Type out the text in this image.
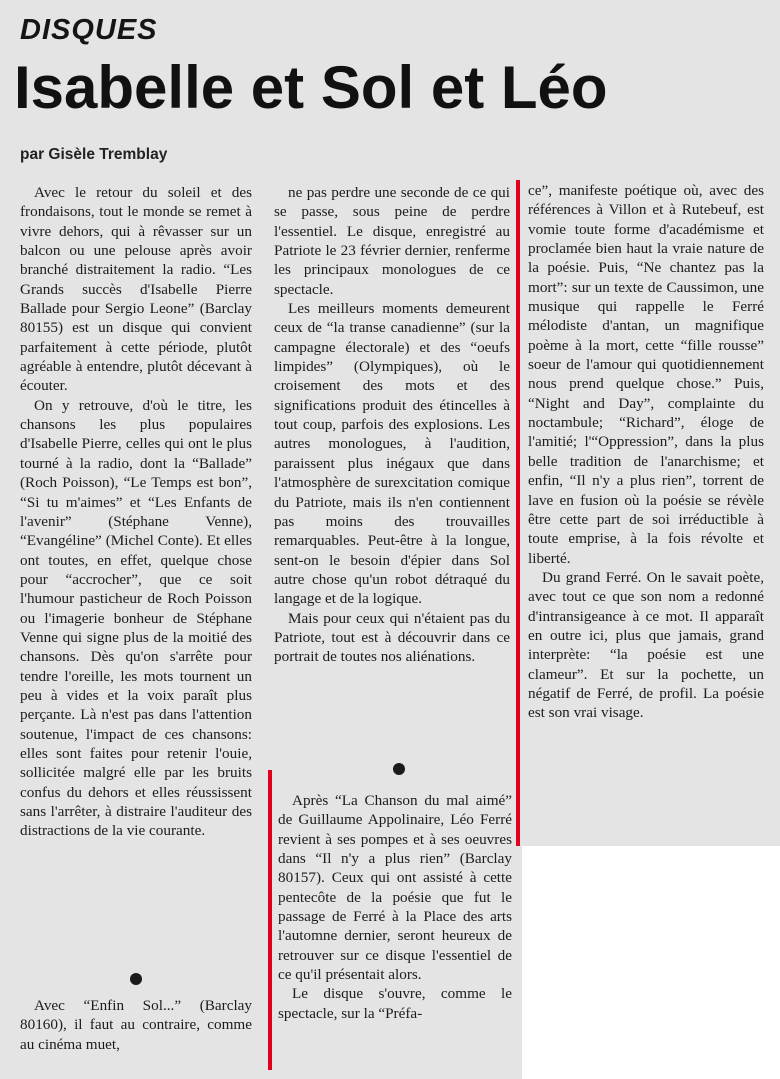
DISQUES
Isabelle et Sol et Léo
par Gisèle Tremblay

Avec le retour du soleil et des frondaisons, tout le monde se remet à vivre dehors, qui à rêvasser sur un balcon ou une pelouse après avoir branché distraitement la radio. “Les Grands succès d'Isabelle Pierre Ballade pour Sergio Leone” (Barclay 80155) est un disque qui convient parfaitement à cette période, plutôt agréable à entendre, plutôt décevant à écouter.

On y retrouve, d'où le titre, les chansons les plus populaires d'Isabelle Pierre, celles qui ont le plus tourné à la radio, dont la “Ballade” (Roch Poisson), “Le Temps est bon”, “Si tu m'aimes” et “Les Enfants de l'avenir” (Stéphane Venne), “Evangéline” (Michel Conte). Et elles ont toutes, en effet, quelque chose pour “accrocher”, que ce soit l'humour pasticheur de Roch Poisson ou l'imagerie bonheur de Stéphane Venne qui signe plus de la moitié des chansons. Dès qu'on s'arrête pour tendre l'oreille, les mots tournent un peu à vides et la voix paraît plus perçante. Là n'est pas dans l'attention soutenue, l'impact de ces chansons: elles sont faites pour retenir l'ouie, sollicitée malgré elle par les bruits confus du dehors et elles réussissent sans l'arrêter, à distraire l'auditeur des distractions de la vie courante.

Avec “Enfin Sol...” (Barclay 80160), il faut au contraire, comme au cinéma muet,

ne pas perdre une seconde de ce qui se passe, sous peine de perdre l'essentiel. Le disque, enregistré au Patriote le 23 février dernier, renferme les principaux monologues de ce spectacle.

Les meilleurs moments demeurent ceux de “la transe canadienne” (sur la campagne électorale) et des “oeufs limpides” (Olympiques), où le croisement des mots et des significations produit des étincelles à tout coup, parfois des explosions. Les autres monologues, à l'audition, paraissent plus inégaux que dans l'atmosphère de surexcitation comique du Patriote, mais ils n'en contiennent pas moins des trouvailles remarquables. Peut-être à la longue, sent-on le besoin d'épier dans Sol autre chose qu'un robot détraqué du langage et de la logique.

Mais pour ceux qui n'étaient pas du Patriote, tout est à découvrir dans ce portrait de toutes nos aliénations.

Après “La Chanson du mal aimé” de Guillaume Appolinaire, Léo Ferré revient à ses pompes et à ses oeuvres dans “Il n'y a plus rien” (Barclay 80157). Ceux qui ont assisté à cette pentecôte de la poésie que fut le passage de Ferré à la Place des arts l'automne dernier, seront heureux de retrouver sur ce disque l'essentiel de ce qu'il présentait alors.

Le disque s'ouvre, comme le spectacle, sur la “Préfa-

ce”, manifeste poétique où, avec des références à Villon et à Rutebeuf, est vomie toute forme d'académisme et proclamée bien haut la vraie nature de la poésie. Puis, “Ne chantez pas la mort”: sur un texte de Caussimon, une musique qui rappelle le Ferré mélodiste d'antan, un magnifique poème à la mort, cette “fille rousse” soeur de l'amour qui quotidiennement nous prend quelque chose.” Puis, “Night and Day”, complainte du noctambule; “Richard”, éloge de l'amitié; l'“Oppression”, dans la plus belle tradition de l'anarchisme; et enfin, “Il n'y a plus rien”, torrent de lave en fusion où la poésie se révèle être cette part de soi irréductible à toute emprise, à la fois révolte et liberté.

Du grand Ferré. On le savait poète, avec tout ce que son nom a redonné d'intransigeance à ce mot. Il apparaît en outre ici, plus que jamais, grand interprète: “la poésie est une clameur”. Et sur la pochette, un négatif de Ferré, de profil. La poésie est son vrai visage.
